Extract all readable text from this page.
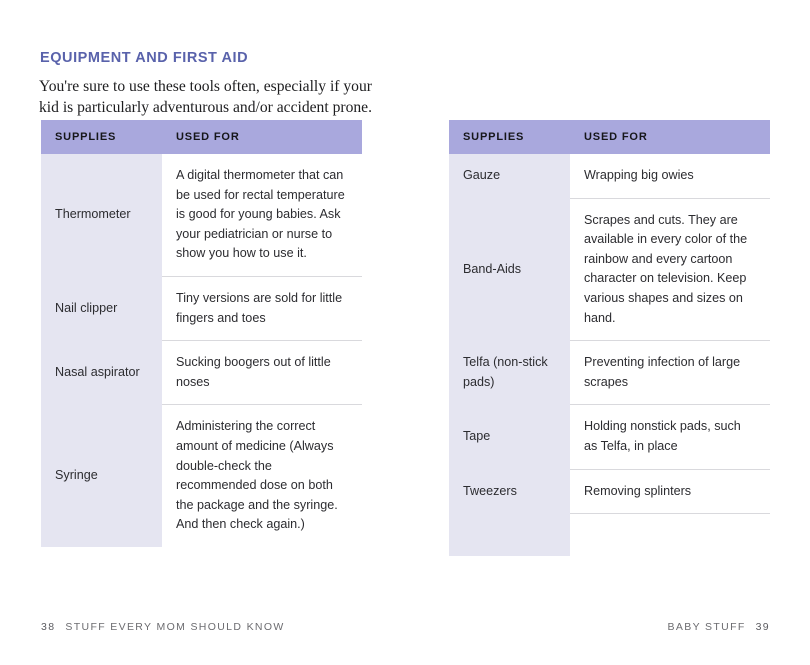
EQUIPMENT AND FIRST AID

You're sure to use these tools often, especially if your kid is particularly adventurous and/or accident prone.

SUPPLIES	USED FOR
Thermometer	A digital thermometer that can be used for rectal temperature is good for young babies. Ask your pediatrician or nurse to show you how to use it.
Nail clipper	Tiny versions are sold for little fingers and toes
Nasal aspirator	Sucking boogers out of little noses
Syringe	Administering the correct amount of medicine (Always double-check the recommended dose on both the package and the syringe. And then check again.)
38 STUFF EVERY MOM SHOULD KNOW
SUPPLIES	USED FOR
Gauze	Wrapping big owies
Band-Aids	Scrapes and cuts. They are available in every color of the rainbow and every cartoon character on television. Keep various shapes and sizes on hand.
Telfa (non-stick pads)	Preventing infection of large scrapes
Tape	Holding nonstick pads, such as Telfa, in place
Tweezers	Removing splinters

BABY STUFF 39
